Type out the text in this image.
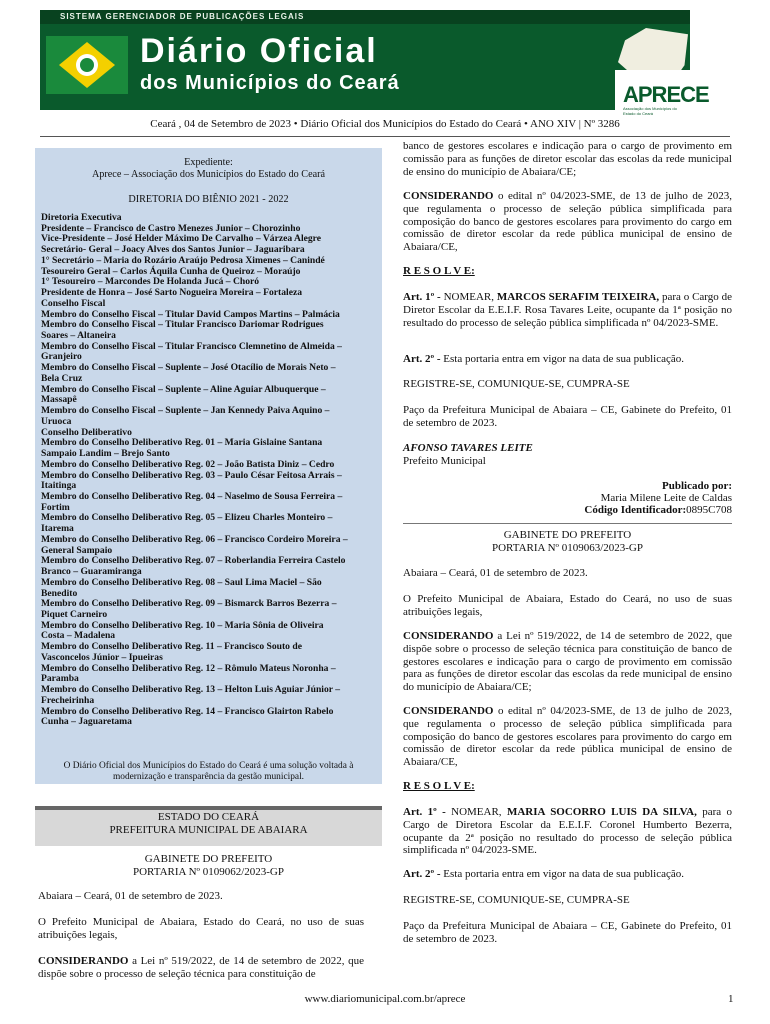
SISTEMA GERENCIADOR DE PUBLICAÇÕES LEGAIS
Diário Oficial
dos Municípios do Ceará	APRECE
Associação dos Municípios do Estado do Ceará
Ceará , 04 de Setembro de 2023 • Diário Oficial dos Municípios do Estado do Ceará • ANO XIV | Nº 3286
Expediente:
Aprece – Associação dos Municípios do Estado do Ceará
DIRETORIA DO BIÊNIO 2021 - 2022
Diretoria Executiva
Presidente – Francisco de Castro Menezes Junior – Chorozinho
Vice-Presidente – José Helder Máximo De Carvalho – Várzea Alegre
Secretário- Geral – Joacy Alves dos Santos Junior – Jaguaribara
1° Secretário – Maria do Rozário Araújo Pedrosa Ximenes – Canindé
Tesoureiro Geral – Carlos Áquila Cunha de Queiroz – Moraújo
1° Tesoureiro – Marcondes De Holanda Jucá – Choró
Presidente de Honra – José Sarto Nogueira Moreira – Fortaleza
Conselho Fiscal
Membro do Conselho Fiscal – Titular David Campos Martins – Palmácia
Membro do Conselho Fiscal – Titular Francisco Dariomar Rodrigues
Soares – Altaneira
Membro do Conselho Fiscal – Titular Francisco Clemnetino de Almeida –
Granjeiro
Membro do Conselho Fiscal – Suplente – José Otacílio de Morais Neto –
Bela Cruz
Membro do Conselho Fiscal – Suplente – Aline Aguiar Albuquerque –
Massapê
Membro do Conselho Fiscal – Suplente – Jan Kennedy Paiva Aquino –
Uruoca
Conselho Deliberativo
Membro do Conselho Deliberativo Reg. 01 – Maria Gislaine Santana
Sampaio Landim – Brejo Santo
Membro do Conselho Deliberativo Reg. 02 – João Batista Diniz – Cedro
Membro do Conselho Deliberativo Reg. 03 – Paulo César Feitosa Arrais –
Itaitinga
Membro do Conselho Deliberativo Reg. 04 – Naselmo de Sousa Ferreira –
Fortim
Membro do Conselho Deliberativo Reg. 05 – Elizeu Charles Monteiro –
Itarema
Membro do Conselho Deliberativo Reg. 06 – Francisco Cordeiro Moreira –
General Sampaio
Membro do Conselho Deliberativo Reg. 07 – Roberlandia Ferreira Castelo
Branco – Guaramiranga
Membro do Conselho Deliberativo Reg. 08 – Saul Lima Maciel – São
Benedito
Membro do Conselho Deliberativo Reg. 09 – Bismarck Barros Bezerra –
Piquet Carneiro
Membro do Conselho Deliberativo Reg. 10 – Maria Sônia de Oliveira
Costa – Madalena
Membro do Conselho Deliberativo Reg. 11 – Francisco Souto de
Vasconcelos Júnior – Ipueiras
Membro do Conselho Deliberativo Reg. 12 – Rômulo Mateus Noronha –
Paramba
Membro do Conselho Deliberativo Reg. 13 – Helton Luis Aguiar Júnior –
Frecheirinha
Membro do Conselho Deliberativo Reg. 14 – Francisco Glairton Rabelo
Cunha – Jaguaretama
O Diário Oficial dos Municípios do Estado do Ceará é uma solução voltada à
modernização e transparência da gestão municipal.
ESTADO DO CEARÁ
PREFEITURA MUNICIPAL DE ABAIARA
GABINETE DO PREFEITO
PORTARIA Nº 0109062/2023-GP
Abaiara – Ceará, 01 de setembro de 2023.
O Prefeito Municipal de Abaiara, Estado do Ceará, no uso de suas atribuições legais,
CONSIDERANDO a Lei nº 519/2022, de 14 de setembro de 2022, que dispõe sobre o processo de seleção técnica para constituição de
banco de gestores escolares e indicação para o cargo de provimento em comissão para as funções de diretor escolar das escolas da rede municipal de ensino do município de Abaiara/CE;
CONSIDERANDO o edital nº 04/2023-SME, de 13 de julho de 2023, que regulamenta o processo de seleção pública simplificada para composição do banco de gestores escolares para provimento do cargo em comissão de diretor escolar da rede pública municipal de ensino de Abaiara/CE,
R E S O L V E:
Art. 1º - NOMEAR, MARCOS SERAFIM TEIXEIRA, para o Cargo de Diretor Escolar da E.E.I.F. Rosa Tavares Leite, ocupante da 1ª posição no resultado do processo de seleção pública simplificada nº 04/2023-SME.
Art. 2º - Esta portaria entra em vigor na data de sua publicação.
REGISTRE-SE, COMUNIQUE-SE, CUMPRA-SE
Paço da Prefeitura Municipal de Abaiara – CE, Gabinete do Prefeito, 01 de setembro de 2023.
AFONSO TAVARES LEITE
Prefeito Municipal
Publicado por:
Maria Milene Leite de Caldas
Código Identificador:0895C708
GABINETE DO PREFEITO
PORTARIA Nº 0109063/2023-GP
Abaiara – Ceará, 01 de setembro de 2023.
O Prefeito Municipal de Abaiara, Estado do Ceará, no uso de suas atribuições legais,
CONSIDERANDO a Lei nº 519/2022, de 14 de setembro de 2022, que dispõe sobre o processo de seleção técnica para constituição de banco de gestores escolares e indicação para o cargo de provimento em comissão para as funções de diretor escolar das escolas da rede municipal de ensino do município de Abaiara/CE;
CONSIDERANDO o edital nº 04/2023-SME, de 13 de julho de 2023, que regulamenta o processo de seleção pública simplificada para composição do banco de gestores escolares para provimento do cargo em comissão de diretor escolar da rede pública municipal de ensino de Abaiara/CE,
R E S O L V E:
Art. 1º - NOMEAR, MARIA SOCORRO LUIS DA SILVA, para o Cargo de Diretora Escolar da E.E.I.F. Coronel Humberto Bezerra, ocupante da 2ª posição no resultado do processo de seleção pública simplificada nº 04/2023-SME.
Art. 2º - Esta portaria entra em vigor na data de sua publicação.
REGISTRE-SE, COMUNIQUE-SE, CUMPRA-SE
Paço da Prefeitura Municipal de Abaiara – CE, Gabinete do Prefeito, 01 de setembro de 2023.
www.diariomunicipal.com.br/aprece	1
